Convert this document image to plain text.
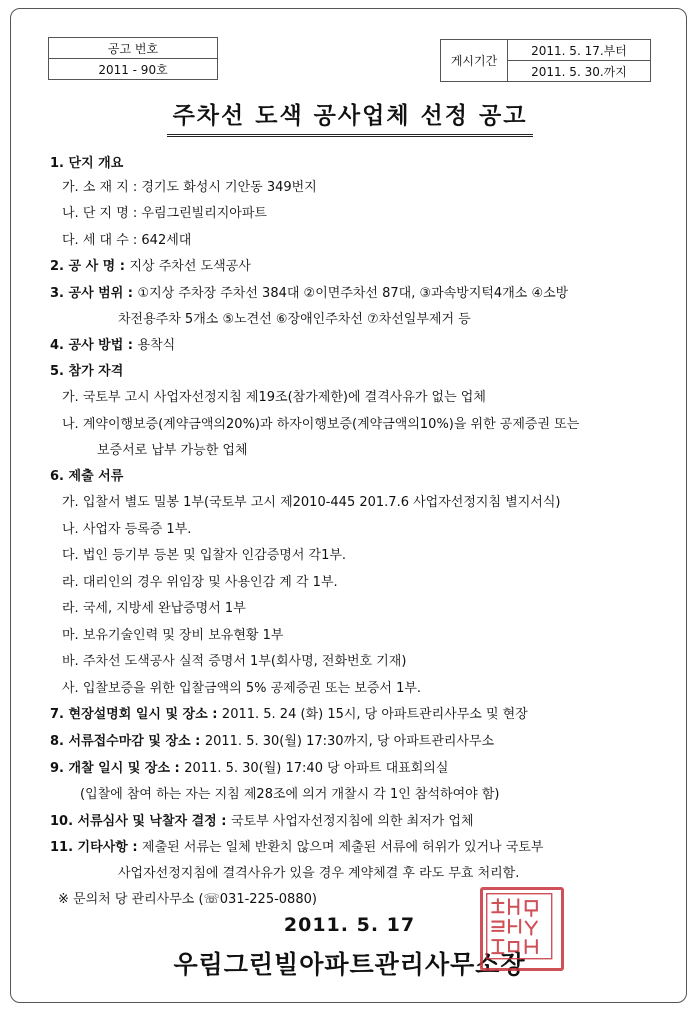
공고 번호
2011 - 90호
게시기간	2011. 5. 17.부터
2011. 5. 30.까지
주차선 도색 공사업체 선정 공고
1. 단지 개요
가. 소 재 지 : 경기도 화성시 기안동 349번지
나. 단 지 명 : 우림그린빌리지아파트
다. 세 대 수 : 642세대
2. 공 사 명 : 지상 주차선 도색공사
3. 공사 범위 : ①지상 주차장 주차선 384대 ②이면주차선 87대, ③과속방지턱4개소 ④소방
차전용주차 5개소 ⑤노견선 ⑥장애인주차선 ⑦차선일부제거 등
4. 공사 방법 : 용착식
5. 참가 자격
가. 국토부 고시 사업자선정지침 제19조(참가제한)에 결격사유가 없는 업체
나. 계약이행보증(계약금액의20%)과 하자이행보증(계약금액의10%)을 위한 공제증권 또는
보증서로 납부 가능한 업체
6. 제출 서류
가. 입찰서 별도 밀봉 1부(국토부 고시 제2010-445 201.7.6 사업자선정지침 별지서식)
나. 사업자 등록증 1부.
다. 법인 등기부 등본 및 입찰자 인감증명서 각1부.
라. 대리인의 경우 위임장 및 사용인감 계 각 1부.
라. 국세, 지방세 완납증명서 1부
마. 보유기술인력 및 장비 보유현황 1부
바. 주차선 도색공사 실적 증명서 1부(회사명, 전화번호 기재)
사. 입찰보증을 위한 입찰금액의 5% 공제증권 또는 보증서 1부.
7. 현장설명회 일시 및 장소 : 2011. 5. 24 (화) 15시, 당 아파트관리사무소 및 현장
8. 서류접수마감 및 장소 : 2011. 5. 30(월) 17:30까지, 당 아파트관리사무소
9. 개찰 일시 및 장소 : 2011. 5. 30(월) 17:40 당 아파트 대표회의실
(입찰에 참여 하는 자는 지침 제28조에 의거 개찰시 각 1인 참석하여야 함)
10. 서류심사 및 낙찰자 결정 : 국토부 사업자선정지침에 의한 최저가 업체
11. 기타사항 : 제출된 서류는 일체 반환치 않으며 제출된 서류에 허위가 있거나 국토부
사업자선정지침에 결격사유가 있을 경우 계약체결 후 라도 무효 처리함.
※ 문의처 당 관리사무소 (☏031-225-0880)
2011. 5. 17
우림그린빌아파트관리사무소장
